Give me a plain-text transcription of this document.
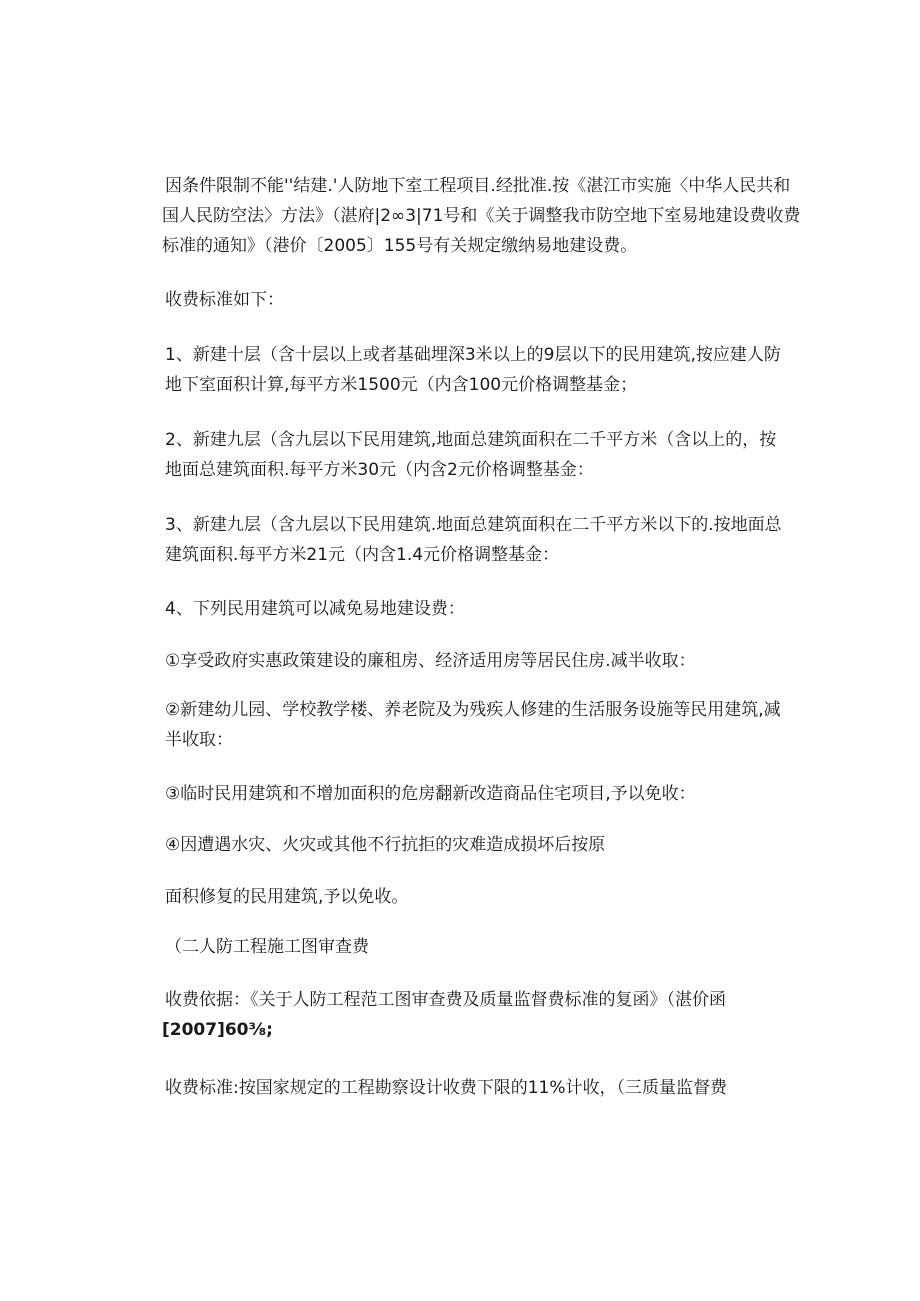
因条件限制不能''结建.'人防地下室工程项目.经批准.按《湛江市实施〈中华人民共和
国人民防空法〉方法》（湛府|2∞3|71号和《关于调整我市防空地下室易地建设费收费
标准的通知》（港价〔2005〕155号有关规定缴纳易地建设费。

收费标准如下：

1、新建十层（含十层以上或者基础埋深3米以上的9层以下的民用建筑,按应建人防
地下室面积计算,每平方米1500元（内含100元价格调整基金；

2、新建九层（含九层以下民用建筑,地面总建筑面积在二千平方米（含以上的，按
地面总建筑面积.每平方米30元（内含2元价格调整基金：

3、新建九层（含九层以下民用建筑.地面总建筑面积在二千平方米以下的.按地面总
建筑面积.每平方米21元（内含1.4元价格调整基金：

4、下列民用建筑可以减免易地建设费：

①享受政府实惠政策建设的廉租房、经济适用房等居民住房.减半收取：

②新建幼儿园、学校教学楼、养老院及为残疾人修建的生活服务设施等民用建筑,减
半收取：

③临时民用建筑和不增加面积的危房翻新改造商品住宅项目,予以免收：

④因遭遇水灾、火灾或其他不行抗拒的灾难造成损坏后按原

面积修复的民用建筑,予以免收。

（二人防工程施工图审查费

收费依据：《关于人防工程范工图审查费及质量监督费标准的复函》（湛价函
[2007]60⅜;

收费标准:按国家规定的工程勘察设计收费下限的11%计收，（三质量监督费
